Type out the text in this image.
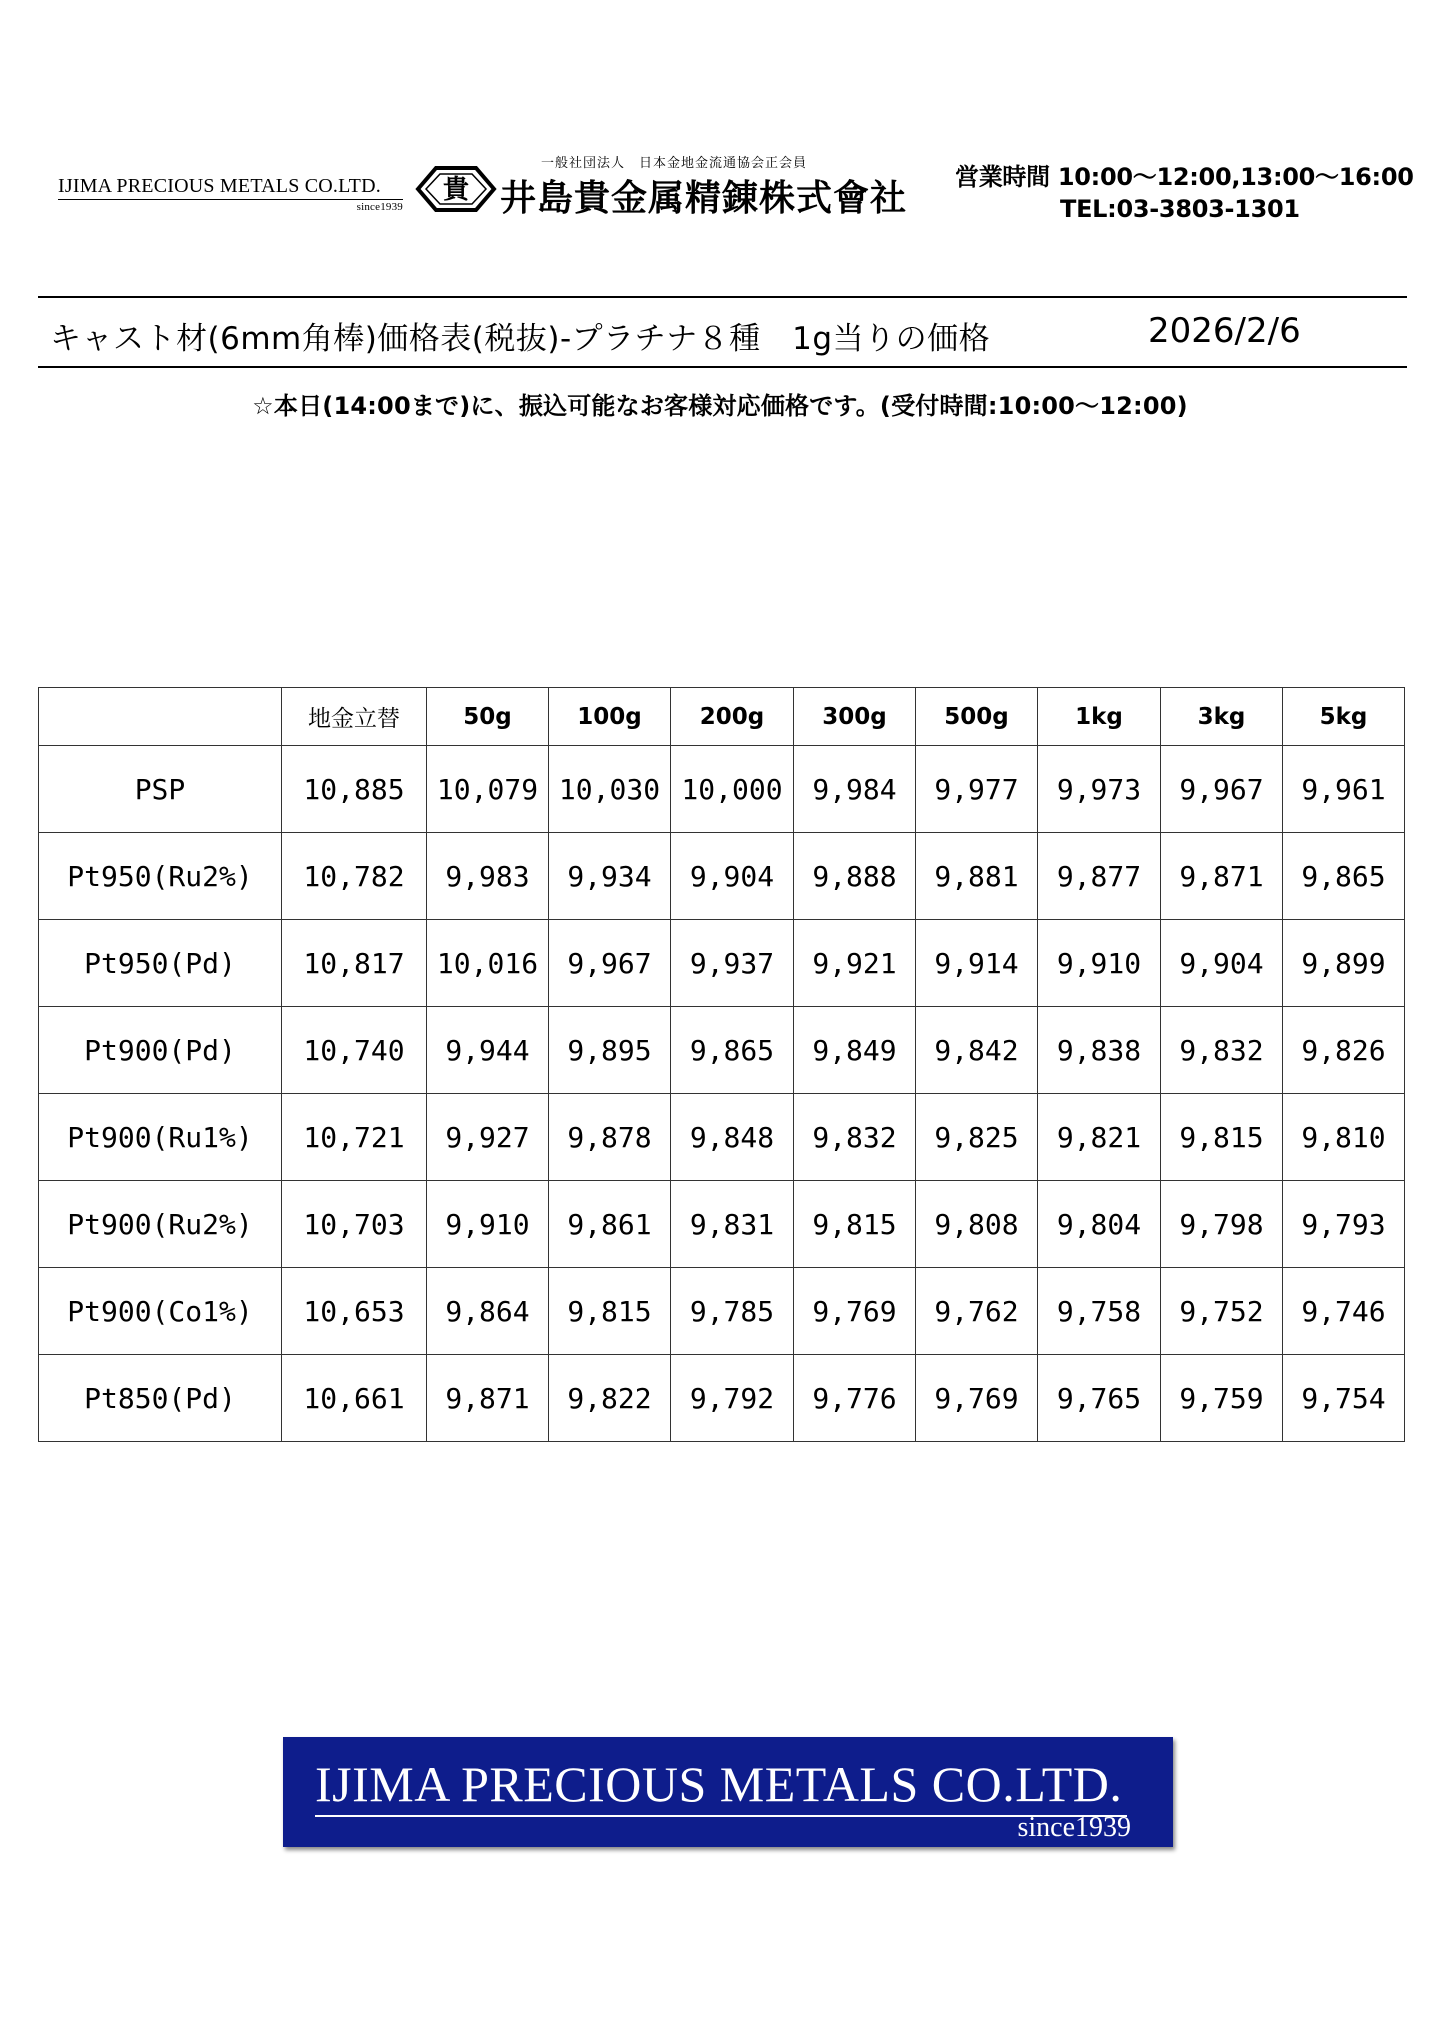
IJIMA PRECIOUS METALS CO.LTD.
since1939
貴
一般社団法人　日本金地金流通協会正会員
井島貴金属精錬株式會社 営業時間 10:00～12:00,13:00～16:00
TEL:03-3803-1301
キャスト材(6mm角棒)価格表(税抜)-プラチナ８種　1g当りの価格	2026/2/6
☆本日(14:00まで)に、振込可能なお客様対応価格です。(受付時間:10:00～12:00)
	地金立替	50g	100g	200g	300g	500g	1kg	3kg	5kg
PSP	10,885	10,079	10,030	10,000	9,984	9,977	9,973	9,967	9,961
Pt950(Ru2%)	10,782	9,983	9,934	9,904	9,888	9,881	9,877	9,871	9,865
Pt950(Pd)	10,817	10,016	9,967	9,937	9,921	9,914	9,910	9,904	9,899
Pt900(Pd)	10,740	9,944	9,895	9,865	9,849	9,842	9,838	9,832	9,826
Pt900(Ru1%)	10,721	9,927	9,878	9,848	9,832	9,825	9,821	9,815	9,810
Pt900(Ru2%)	10,703	9,910	9,861	9,831	9,815	9,808	9,804	9,798	9,793
Pt900(Co1%)	10,653	9,864	9,815	9,785	9,769	9,762	9,758	9,752	9,746
Pt850(Pd)	10,661	9,871	9,822	9,792	9,776	9,769	9,765	9,759	9,754
IJIMA PRECIOUS METALS CO.LTD.
since1939
